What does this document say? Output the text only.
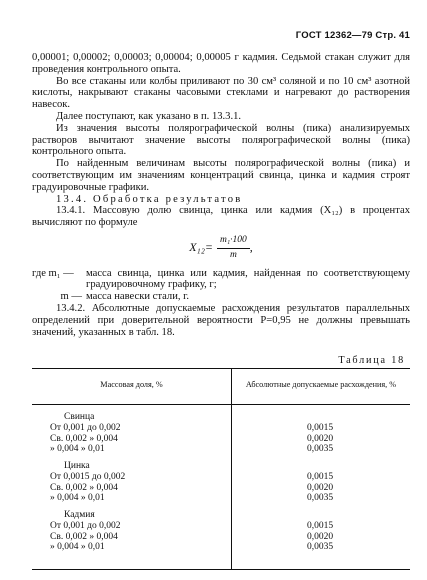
ГОСТ 12362—79 Стр. 41

0,00001; 0,00002; 0,00003; 0,00004; 0,00005 г кадмия. Седьмой стакан служит для проведения контрольного опыта.

Во все стаканы или колбы приливают по 30 см³ соляной и по 10 см³ азотной кислоты, накрывают стаканы часовыми стеклами и нагревают до растворения навесок.

Далее поступают, как указано в п. 13.3.1.

Из значения высоты полярографической волны (пика) анализируемых растворов вычитают значение высоты полярографической волны (пика) контрольного опыта.

По найденным величинам высоты полярографической волны (пика) и соответствующим им значениям концентраций свинца, цинка и кадмия строят градуировочные графики.

13.4. Обработка результатов

13.4.1. Массовую долю свинца, цинка или кадмия (X₁₂) в процентах вычисляют по формуле

$X_{12}= \frac{\text{m₁·100}}{m}$ ,
где m₁ —	масса свинца, цинка или кадмия, найденная по соответствующему градуировочному графику, г;
m — масса навески стали, г.

13.4.2. Абсолютные допускаемые расхождения результатов параллельных определений при доверительной вероятности Р=0,95 не должны превышать значений, указанных в табл. 18.

Таблица 18
Массовая доля, %	Абсолютные допускаемые расхождения, %
Свинца
От 0,001 до 0,002	0,0015
Св. 0,002 » 0,004	0,0020
» 0,004 » 0,01	0,0035
Цинка
От 0,0015 до 0,002	0,0015
Св. 0,002 » 0,004	0,0020
» 0,004 » 0,01	0,0035
Кадмия
От 0,001 до 0,002	0,0015
Св. 0,002 » 0,004	0,0020
» 0,004 » 0,01	0,0035
